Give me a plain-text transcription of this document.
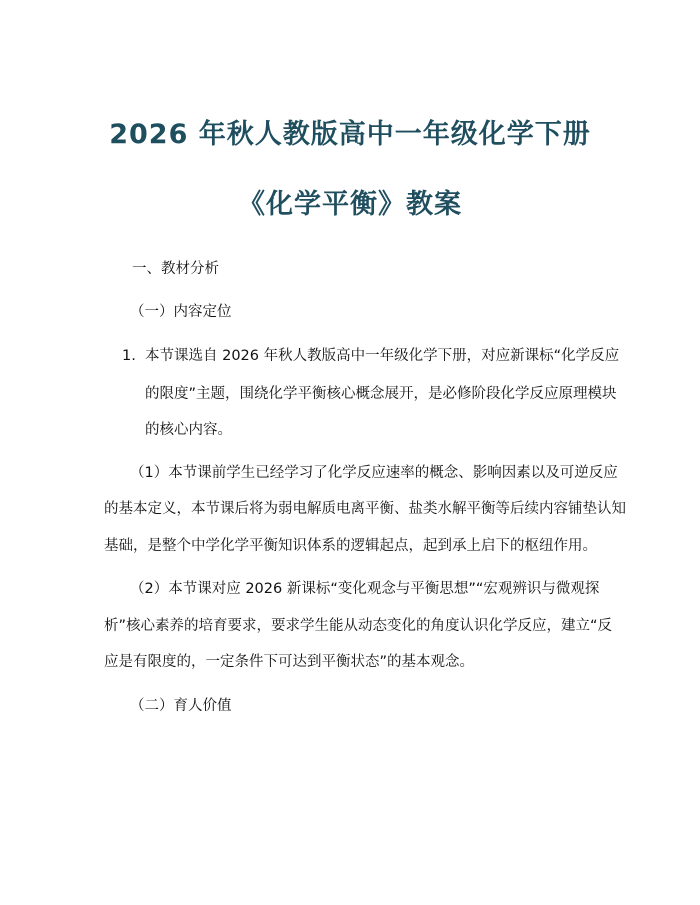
2026 年秋人教版高中一年级化学下册
《化学平衡》教案
一、教材分析
（一）内容定位
1. 本节课选自 2026 年秋人教版高中一年级化学下册，对应新课标“化学反应
的限度”主题，围绕化学平衡核心概念展开，是必修阶段化学反应原理模块
的核心内容。
（1）本节课前学生已经学习了化学反应速率的概念、影响因素以及可逆反应
的基本定义，本节课后将为弱电解质电离平衡、盐类水解平衡等后续内容铺垫认知
基础，是整个中学化学平衡知识体系的逻辑起点，起到承上启下的枢纽作用。
（2）本节课对应 2026 新课标“变化观念与平衡思想”“宏观辨识与微观探
析”核心素养的培育要求，要求学生能从动态变化的角度认识化学反应，建立“反
应是有限度的，一定条件下可达到平衡状态”的基本观念。
（二）育人价值
